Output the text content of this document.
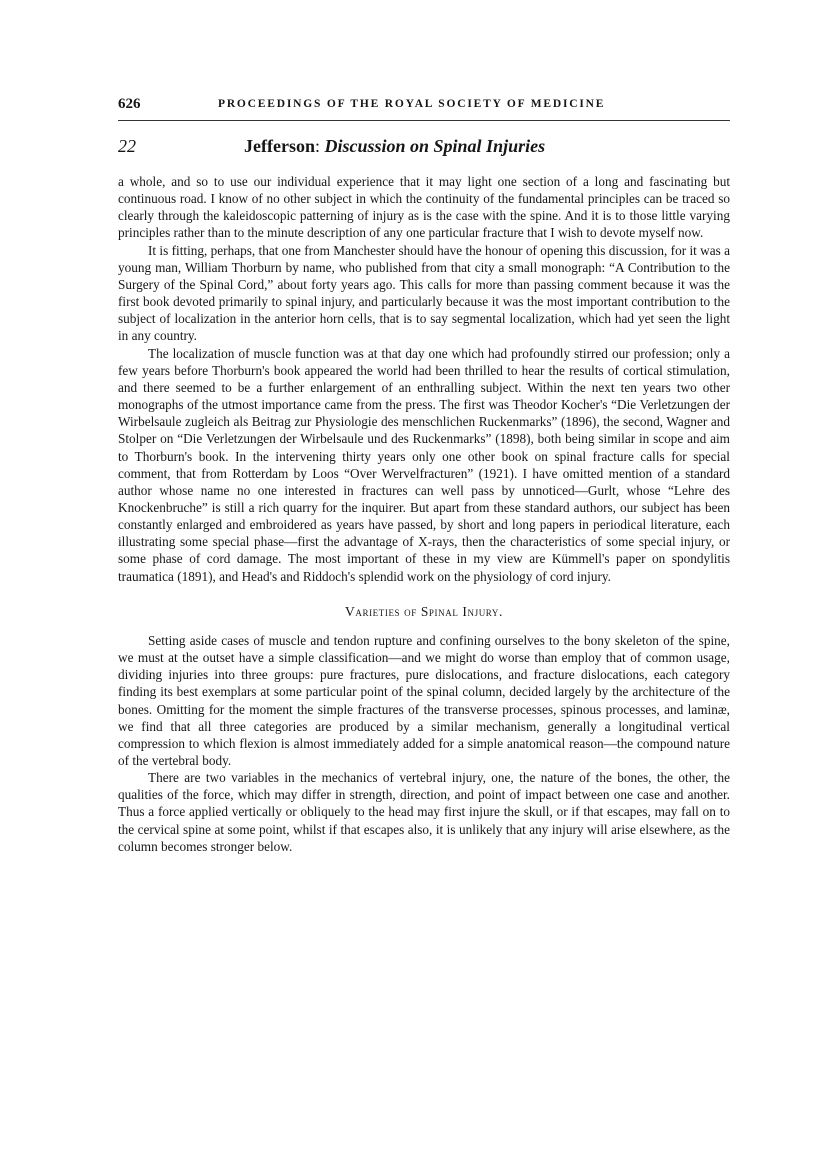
626	PROCEEDINGS OF THE ROYAL SOCIETY OF MEDICINE
22	Jefferson: Discussion on Spinal Injuries

a whole, and so to use our individual experience that it may light one section of a long and fascinating but continuous road. I know of no other subject in which the continuity of the fundamental principles can be traced so clearly through the kaleidoscopic patterning of injury as is the case with the spine. And it is to those little varying principles rather than to the minute description of any one particular fracture that I wish to devote myself now.

It is fitting, perhaps, that one from Manchester should have the honour of opening this discussion, for it was a young man, William Thorburn by name, who published from that city a small monograph: “A Contribution to the Surgery of the Spinal Cord,” about forty years ago. This calls for more than passing comment because it was the first book devoted primarily to spinal injury, and particularly because it was the most important contribution to the subject of localization in the anterior horn cells, that is to say segmental localization, which had yet seen the light in any country.

The localization of muscle function was at that day one which had profoundly stirred our profession; only a few years before Thorburn's book appeared the world had been thrilled to hear the results of cortical stimulation, and there seemed to be a further enlargement of an enthralling subject. Within the next ten years two other monographs of the utmost importance came from the press. The first was Theodor Kocher's “Die Verletzungen der Wirbelsaule zugleich als Beitrag zur Physiologie des menschlichen Ruckenmarks” (1896), the second, Wagner and Stolper on “Die Verletzungen der Wirbelsaule und des Ruckenmarks” (1898), both being similar in scope and aim to Thorburn's book. In the intervening thirty years only one other book on spinal fracture calls for special comment, that from Rotterdam by Loos “Over Wervelfracturen” (1921). I have omitted mention of a standard author whose name no one interested in fractures can well pass by unnoticed—Gurlt, whose “Lehre des Knockenbruche” is still a rich quarry for the inquirer. But apart from these standard authors, our subject has been constantly enlarged and embroidered as years have passed, by short and long papers in periodical literature, each illustrating some special phase—first the advantage of X-rays, then the characteristics of some special injury, or some phase of cord damage. The most important of these in my view are Kümmell's paper on spondylitis traumatica (1891), and Head's and Riddoch's splendid work on the physiology of cord injury.

Varieties of Spinal Injury.

Setting aside cases of muscle and tendon rupture and confining ourselves to the bony skeleton of the spine, we must at the outset have a simple classification—and we might do worse than employ that of common usage, dividing injuries into three groups: pure fractures, pure dislocations, and fracture dislocations, each category finding its best exemplars at some particular point of the spinal column, decided largely by the architecture of the bones. Omitting for the moment the simple fractures of the transverse processes, spinous processes, and laminæ, we find that all three categories are produced by a similar mechanism, generally a longitudinal vertical compression to which flexion is almost immediately added for a simple anatomical reason—the compound nature of the vertebral body.

There are two variables in the mechanics of vertebral injury, one, the nature of the bones, the other, the qualities of the force, which may differ in strength, direction, and point of impact between one case and another. Thus a force applied vertically or obliquely to the head may first injure the skull, or if that escapes, may fall on to the cervical spine at some point, whilst if that escapes also, it is unlikely that any injury will arise elsewhere, as the column becomes stronger below.
